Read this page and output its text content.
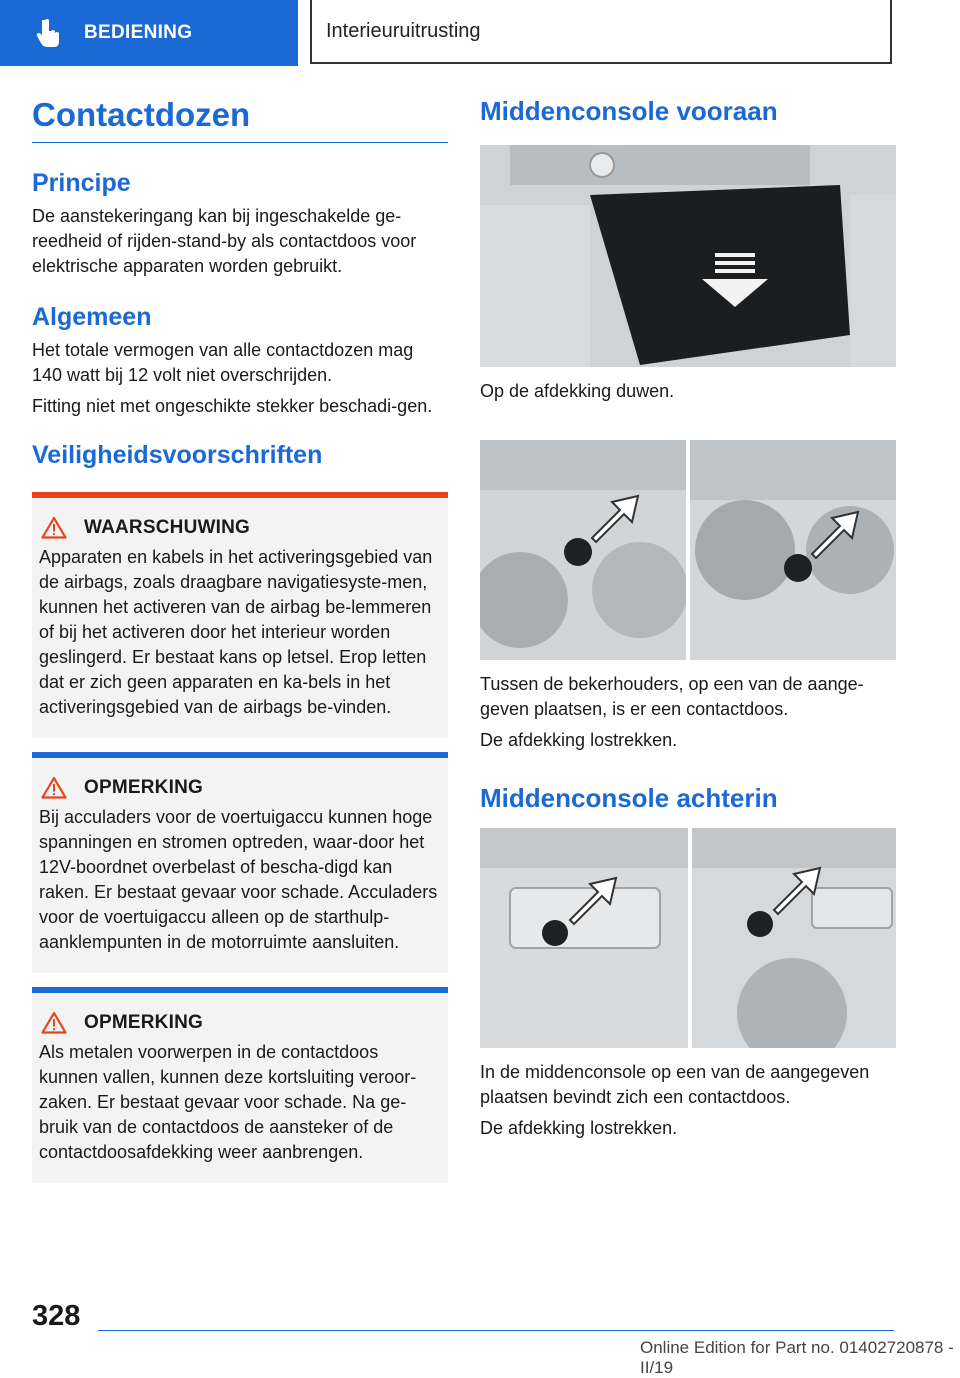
BEDIENING	Interieuruitrusting
Contactdozen
Principe

De aanstekeringang kan bij ingeschakelde ge-reedheid of rijden-stand-by als contactdoos voor elektrische apparaten worden gebruikt.

Algemeen

Het totale vermogen van alle contactdozen mag 140 watt bij 12 volt niet overschrijden.

Fitting niet met ongeschikte stekker beschadi-gen.

Veiligheidsvoorschriften
WAARSCHUWING

Apparaten en kabels in het activeringsgebied van de airbags, zoals draagbare navigatiesyste-men, kunnen het activeren van de airbag be-lemmeren of bij het activeren door het interieur worden geslingerd. Er bestaat kans op letsel. Erop letten dat er zich geen apparaten en ka-bels in het activeringsgebied van de airbags be-vinden.

OPMERKING

Bij acculaders voor de voertuigaccu kunnen hoge spanningen en stromen optreden, waar-door het 12V-boordnet overbelast of bescha-digd kan raken. Er bestaat gevaar voor schade. Acculaders voor de voertuigaccu alleen op de starthulp-aanklempunten in de motorruimte aansluiten.

OPMERKING

Als metalen voorwerpen in de contactdoos kunnen vallen, kunnen deze kortsluiting veroor-zaken. Er bestaat gevaar voor schade. Na ge-bruik van de contactdoos de aansteker of de contactdoosafdekking weer aanbrengen.

Middenconsole vooraan

Op de afdekking duwen.

Tussen de bekerhouders, op een van de aange-geven plaatsen, is er een contactdoos.

De afdekking lostrekken.

Middenconsole achterin

In de middenconsole op een van de aangegeven plaatsen bevindt zich een contactdoos.

De afdekking lostrekken.

328
Online Edition for Part no. 01402720878 - II/19
